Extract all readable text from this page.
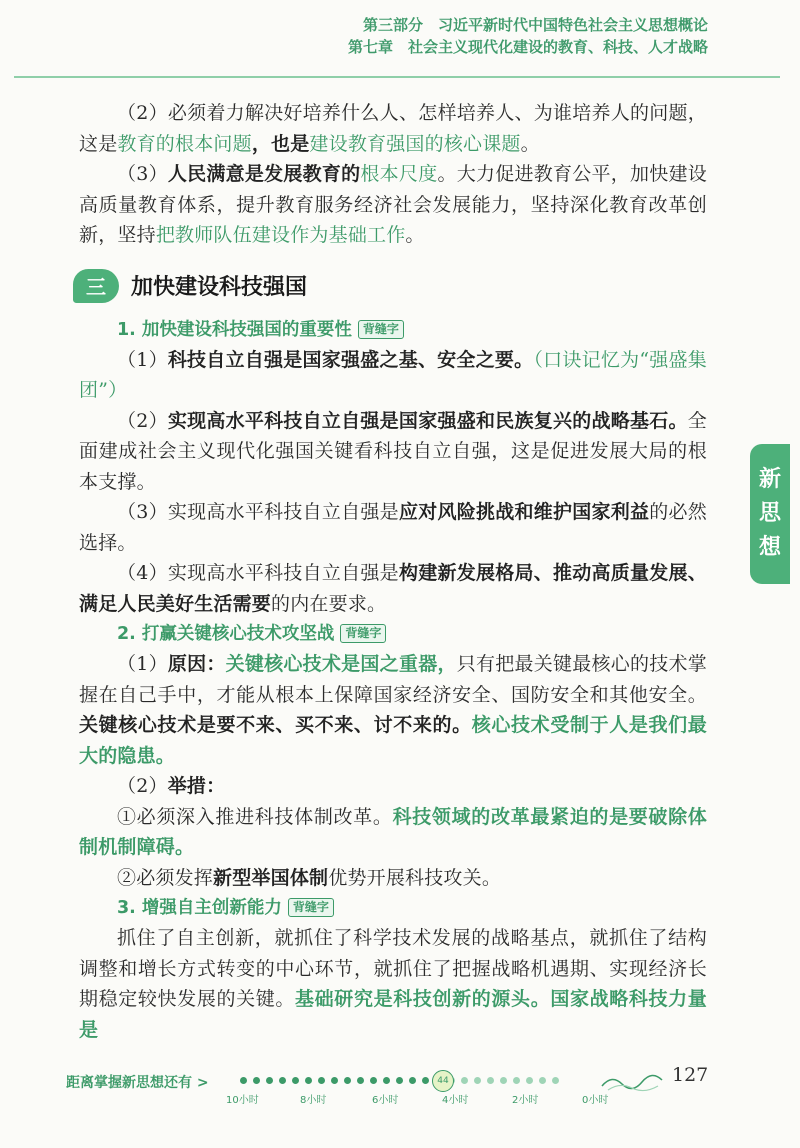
第三部分　习近平新时代中国特色社会主义思想概论
第七章　社会主义现代化建设的教育、科技、人才战略

（2）必须着力解决好培养什么人、怎样培养人、为谁培养人的问题，这是教育的根本问题，也是建设教育强国的核心课题。

（3）人民满意是发展教育的根本尺度。大力促进教育公平，加快建设高质量教育体系，提升教育服务经济社会发展能力，坚持深化教育改革创新，坚持把教师队伍建设作为基础工作。

三	加快建设科技强国
1. 加快建设科技强国的重要性 背缝字

（1）科技自立自强是国家强盛之基、安全之要。（口诀记忆为“强盛集团”）

（2）实现高水平科技自立自强是国家强盛和民族复兴的战略基石。全面建成社会主义现代化强国关键看科技自立自强，这是促进发展大局的根本支撑。

（3）实现高水平科技自立自强是应对风险挑战和维护国家利益的必然选择。

（4）实现高水平科技自立自强是构建新发展格局、推动高质量发展、满足人民美好生活需要的内在要求。

2. 打赢关键核心技术攻坚战 背缝字

（1）原因：关键核心技术是国之重器，只有把最关键最核心的技术掌握在自己手中，才能从根本上保障国家经济安全、国防安全和其他安全。关键核心技术是要不来、买不来、讨不来的。核心技术受制于人是我们最大的隐患。

（2）举措：

①必须深入推进科技体制改革。科技领域的改革最紧迫的是要破除体制机制障碍。

②必须发挥新型举国体制优势开展科技攻关。

3. 增强自主创新能力 背缝字

抓住了自主创新，就抓住了科学技术发展的战略基点，就抓住了结构调整和增长方式转变的中心环节，就抓住了把握战略机遇期、实现经济长期稳定较快发展的关键。基础研究是科技创新的源头。国家战略科技力量是

新
思
想
距离掌握新思想还有 >	44	127
10小时	8小时	6小时	4小时	2小时	0小时
